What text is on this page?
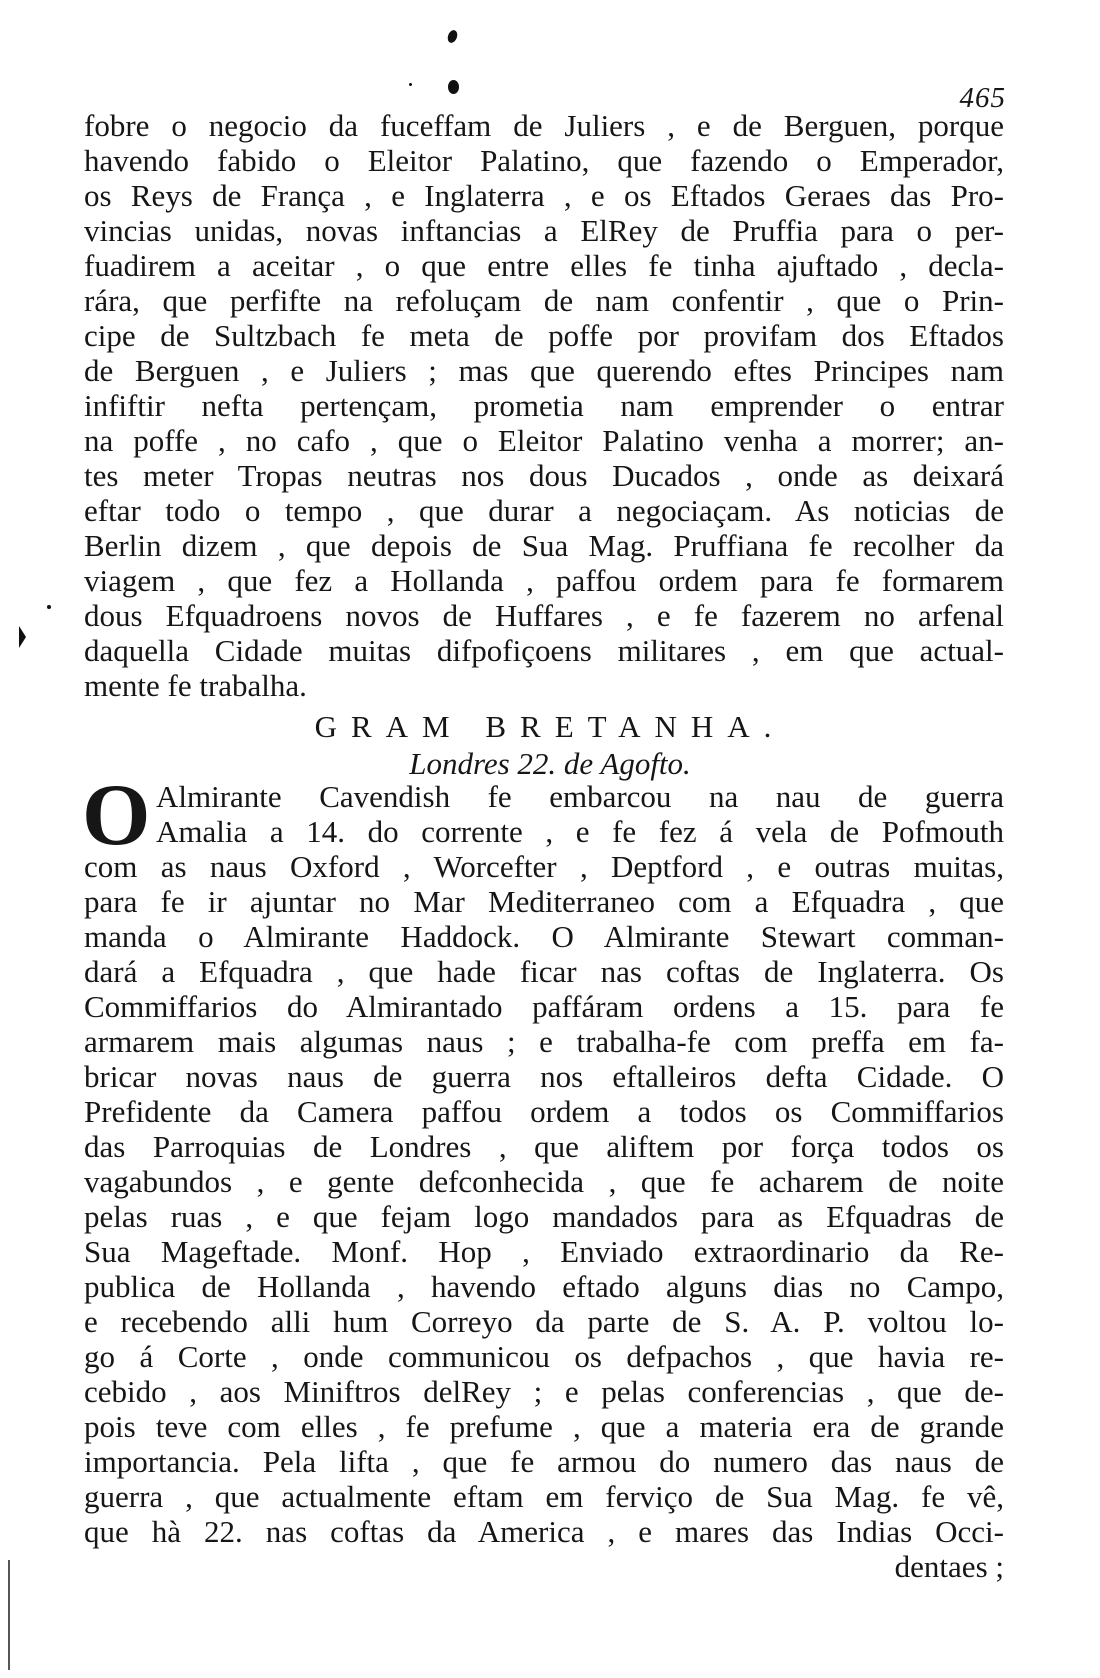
465
fobre o negocio da fuceffam de Juliers , e de Berguen, porque
havendo fabido o Eleitor Palatino, que fazendo o Emperador,
os Reys de França , e Inglaterra , e os Eftados Geraes das Pro-
vincias unidas, novas inftancias a ElRey de Pruffia para o per-
fuadirem a aceitar , o que entre elles fe tinha ajuftado , decla-
rára, que perfifte na refoluçam de nam confentir , que o Prin-
cipe de Sultzbach fe meta de poffe por provifam dos Eftados
de Berguen , e Juliers ; mas que querendo eftes Principes nam
infiftir nefta pertençam, prometia nam emprender o entrar
na poffe , no cafo , que o Eleitor Palatino venha a morrer; an-
tes meter Tropas neutras nos dous Ducados , onde as deixará
eftar todo o tempo , que durar a negociaçam. As noticias de
Berlin dizem , que depois de Sua Mag. Pruffiana fe recolher da
viagem , que fez a Hollanda , paffou ordem para fe formarem
dous Efquadroens novos de Huffares , e fe fazerem no arfenal
daquella Cidade muitas difpofiçoens militares , em que actual-
mente fe trabalha.
GRAM BRETANHA.
Londres 22. de Agofto.
O Almirante Cavendish fe embarcou na nau de guerra
Amalia a 14. do corrente , e fe fez á vela de Pofmouth
com as naus Oxford , Worcefter , Deptford , e outras muitas,
para fe ir ajuntar no Mar Mediterraneo com a Efquadra , que
manda o Almirante Haddock. O Almirante Stewart comman-
dará a Efquadra , que hade ficar nas coftas de Inglaterra. Os
Commiffarios do Almirantado paffáram ordens a 15. para fe
armarem mais algumas naus ; e trabalha-fe com preffa em fa-
bricar novas naus de guerra nos eftalleiros defta Cidade. O
Prefidente da Camera paffou ordem a todos os Commiffarios
das Parroquias de Londres , que aliftem por força todos os
vagabundos , e gente defconhecida , que fe acharem de noite
pelas ruas , e que fejam logo mandados para as Efquadras de
Sua Mageftade. Monf. Hop , Enviado extraordinario da Re-
publica de Hollanda , havendo eftado alguns dias no Campo,
e recebendo alli hum Correyo da parte de S. A. P. voltou lo-
go á Corte , onde communicou os defpachos , que havia re-
cebido , aos Miniftros delRey ; e pelas conferencias , que de-
pois teve com elles , fe prefume , que a materia era de grande
importancia. Pela lifta , que fe armou do numero das naus de
guerra , que actualmente eftam em ferviço de Sua Mag. fe vê,
que hà 22. nas coftas da America , e mares das Indias Occi-
dentaes ;
